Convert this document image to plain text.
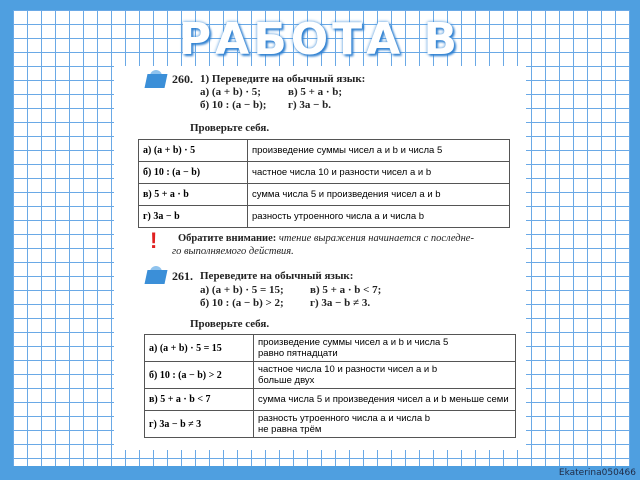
РАБОТА В
260. 1) Переведите на обычный язык:
а) (a + b) · 5;
б) 10 : (a − b);
в) 5 + a · b;
г) 3a − b.
Проверьте себя.
а) (a + b) · 5	произведение суммы чисел a и b и числа 5
б) 10 : (a − b)	частное числа 10 и разности чисел a и b
в) 5 + a · b	сумма числа 5 и произведения чисел a и b
г) 3a − b	разность утроенного числа a и числа b
! Обратите внимание: чтение выражения начинается с последне-
го выполняемого действия.
261. Переведите на обычный язык:
а) (a + b) · 5 = 15;
б) 10 : (a − b) > 2;
в) 5 + a · b < 7;
г) 3a − b ≠ 3.
Проверьте себя.
а) (a + b) · 5 = 15	произведение суммы чисел a и b и числа 5
равно пятнадцати

б) 10 : (a − b) > 2	частное числа 10 и разности чисел a и b
больше двух

в) 5 + a · b < 7	сумма числа 5 и произведения чисел a и b меньше семи

г) 3a − b ≠ 3	разность утроенного числа a и числа b
не равна трём
Ekaterina050466
